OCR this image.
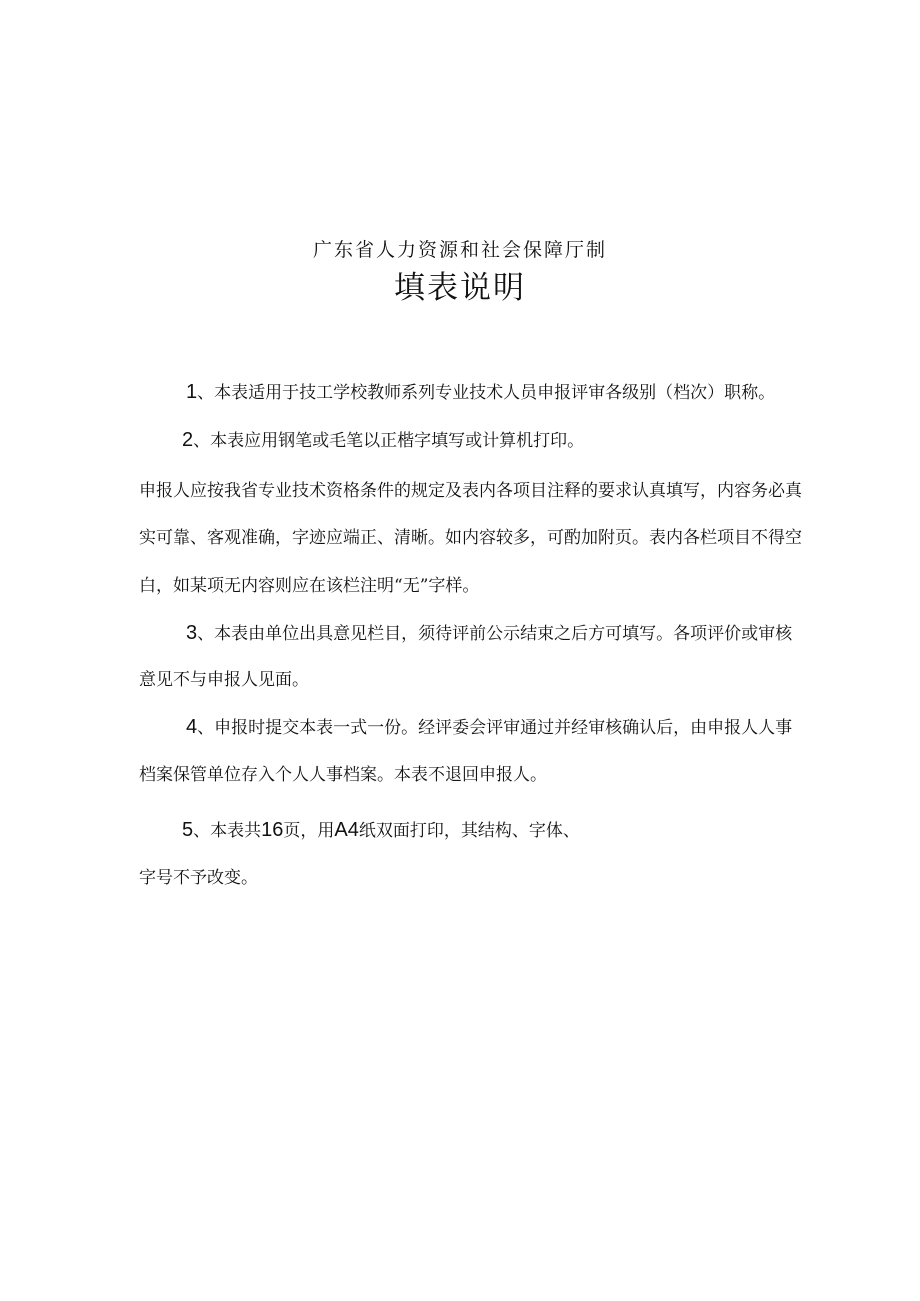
广东省人力资源和社会保障厅制
填表说明
1、本表适用于技工学校教师系列专业技术人员申报评审各级别（档次）职称。
2、本表应用钢笔或毛笔以正楷字填写或计算机打印。
申报人应按我省专业技术资格条件的规定及表内各项目注释的要求认真填写，内容务必真
实可靠、客观准确，字迹应端正、清晰。如内容较多，可酌加附页。表内各栏项目不得空
白，如某项无内容则应在该栏注明“无”字样。
3、本表由单位出具意见栏目，须待评前公示结束之后方可填写。各项评价或审核
意见不与申报人见面。
4、申报时提交本表一式一份。经评委会评审通过并经审核确认后，由申报人人事
档案保管单位存入个人人事档案。本表不退回申报人。
5、本表共16页，用A4纸双面打印，其结构、字体、
字号不予改变。
